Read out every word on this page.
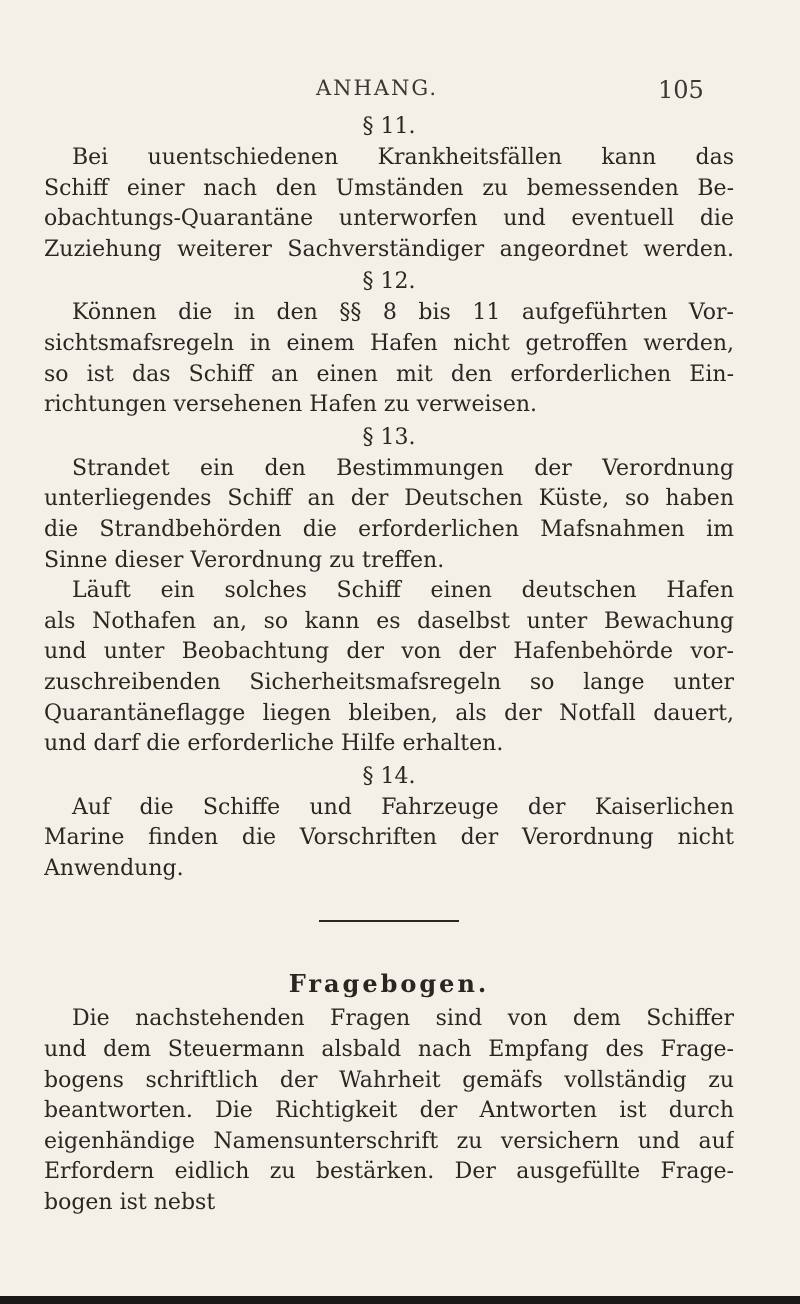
ANHANG.	105
§ 11.
Bei uuentschiedenen Krankheitsfällen kann das
Schiff einer nach den Umständen zu bemessenden Be-
obachtungs-Quarantäne unterworfen und eventuell die
Zuziehung weiterer Sachverständiger angeordnet werden.
§ 12.
Können die in den §§ 8 bis 11 aufgeführten Vor-
sichtsmafsregeln in einem Hafen nicht getroffen werden,
so ist das Schiff an einen mit den erforderlichen Ein-
richtungen versehenen Hafen zu verweisen.
§ 13.
Strandet ein den Bestimmungen der Verordnung
unterliegendes Schiff an der Deutschen Küste, so haben
die Strandbehörden die erforderlichen Mafsnahmen im
Sinne dieser Verordnung zu treffen.
Läuft ein solches Schiff einen deutschen Hafen
als Nothafen an, so kann es daselbst unter Bewachung
und unter Beobachtung der von der Hafenbehörde vor-
zuschreibenden Sicherheitsmafsregeln so lange unter
Quarantäneflagge liegen bleiben, als der Notfall dauert,
und darf die erforderliche Hilfe erhalten.
§ 14.
Auf die Schiffe und Fahrzeuge der Kaiserlichen
Marine finden die Vorschriften der Verordnung nicht
Anwendung.
Fragebogen.
Die nachstehenden Fragen sind von dem Schiffer
und dem Steuermann alsbald nach Empfang des Frage-
bogens schriftlich der Wahrheit gemäfs vollständig zu
beantworten. Die Richtigkeit der Antworten ist durch
eigenhändige Namensunterschrift zu versichern und auf
Erfordern eidlich zu bestärken. Der ausgefüllte Frage-
bogen ist nebst
